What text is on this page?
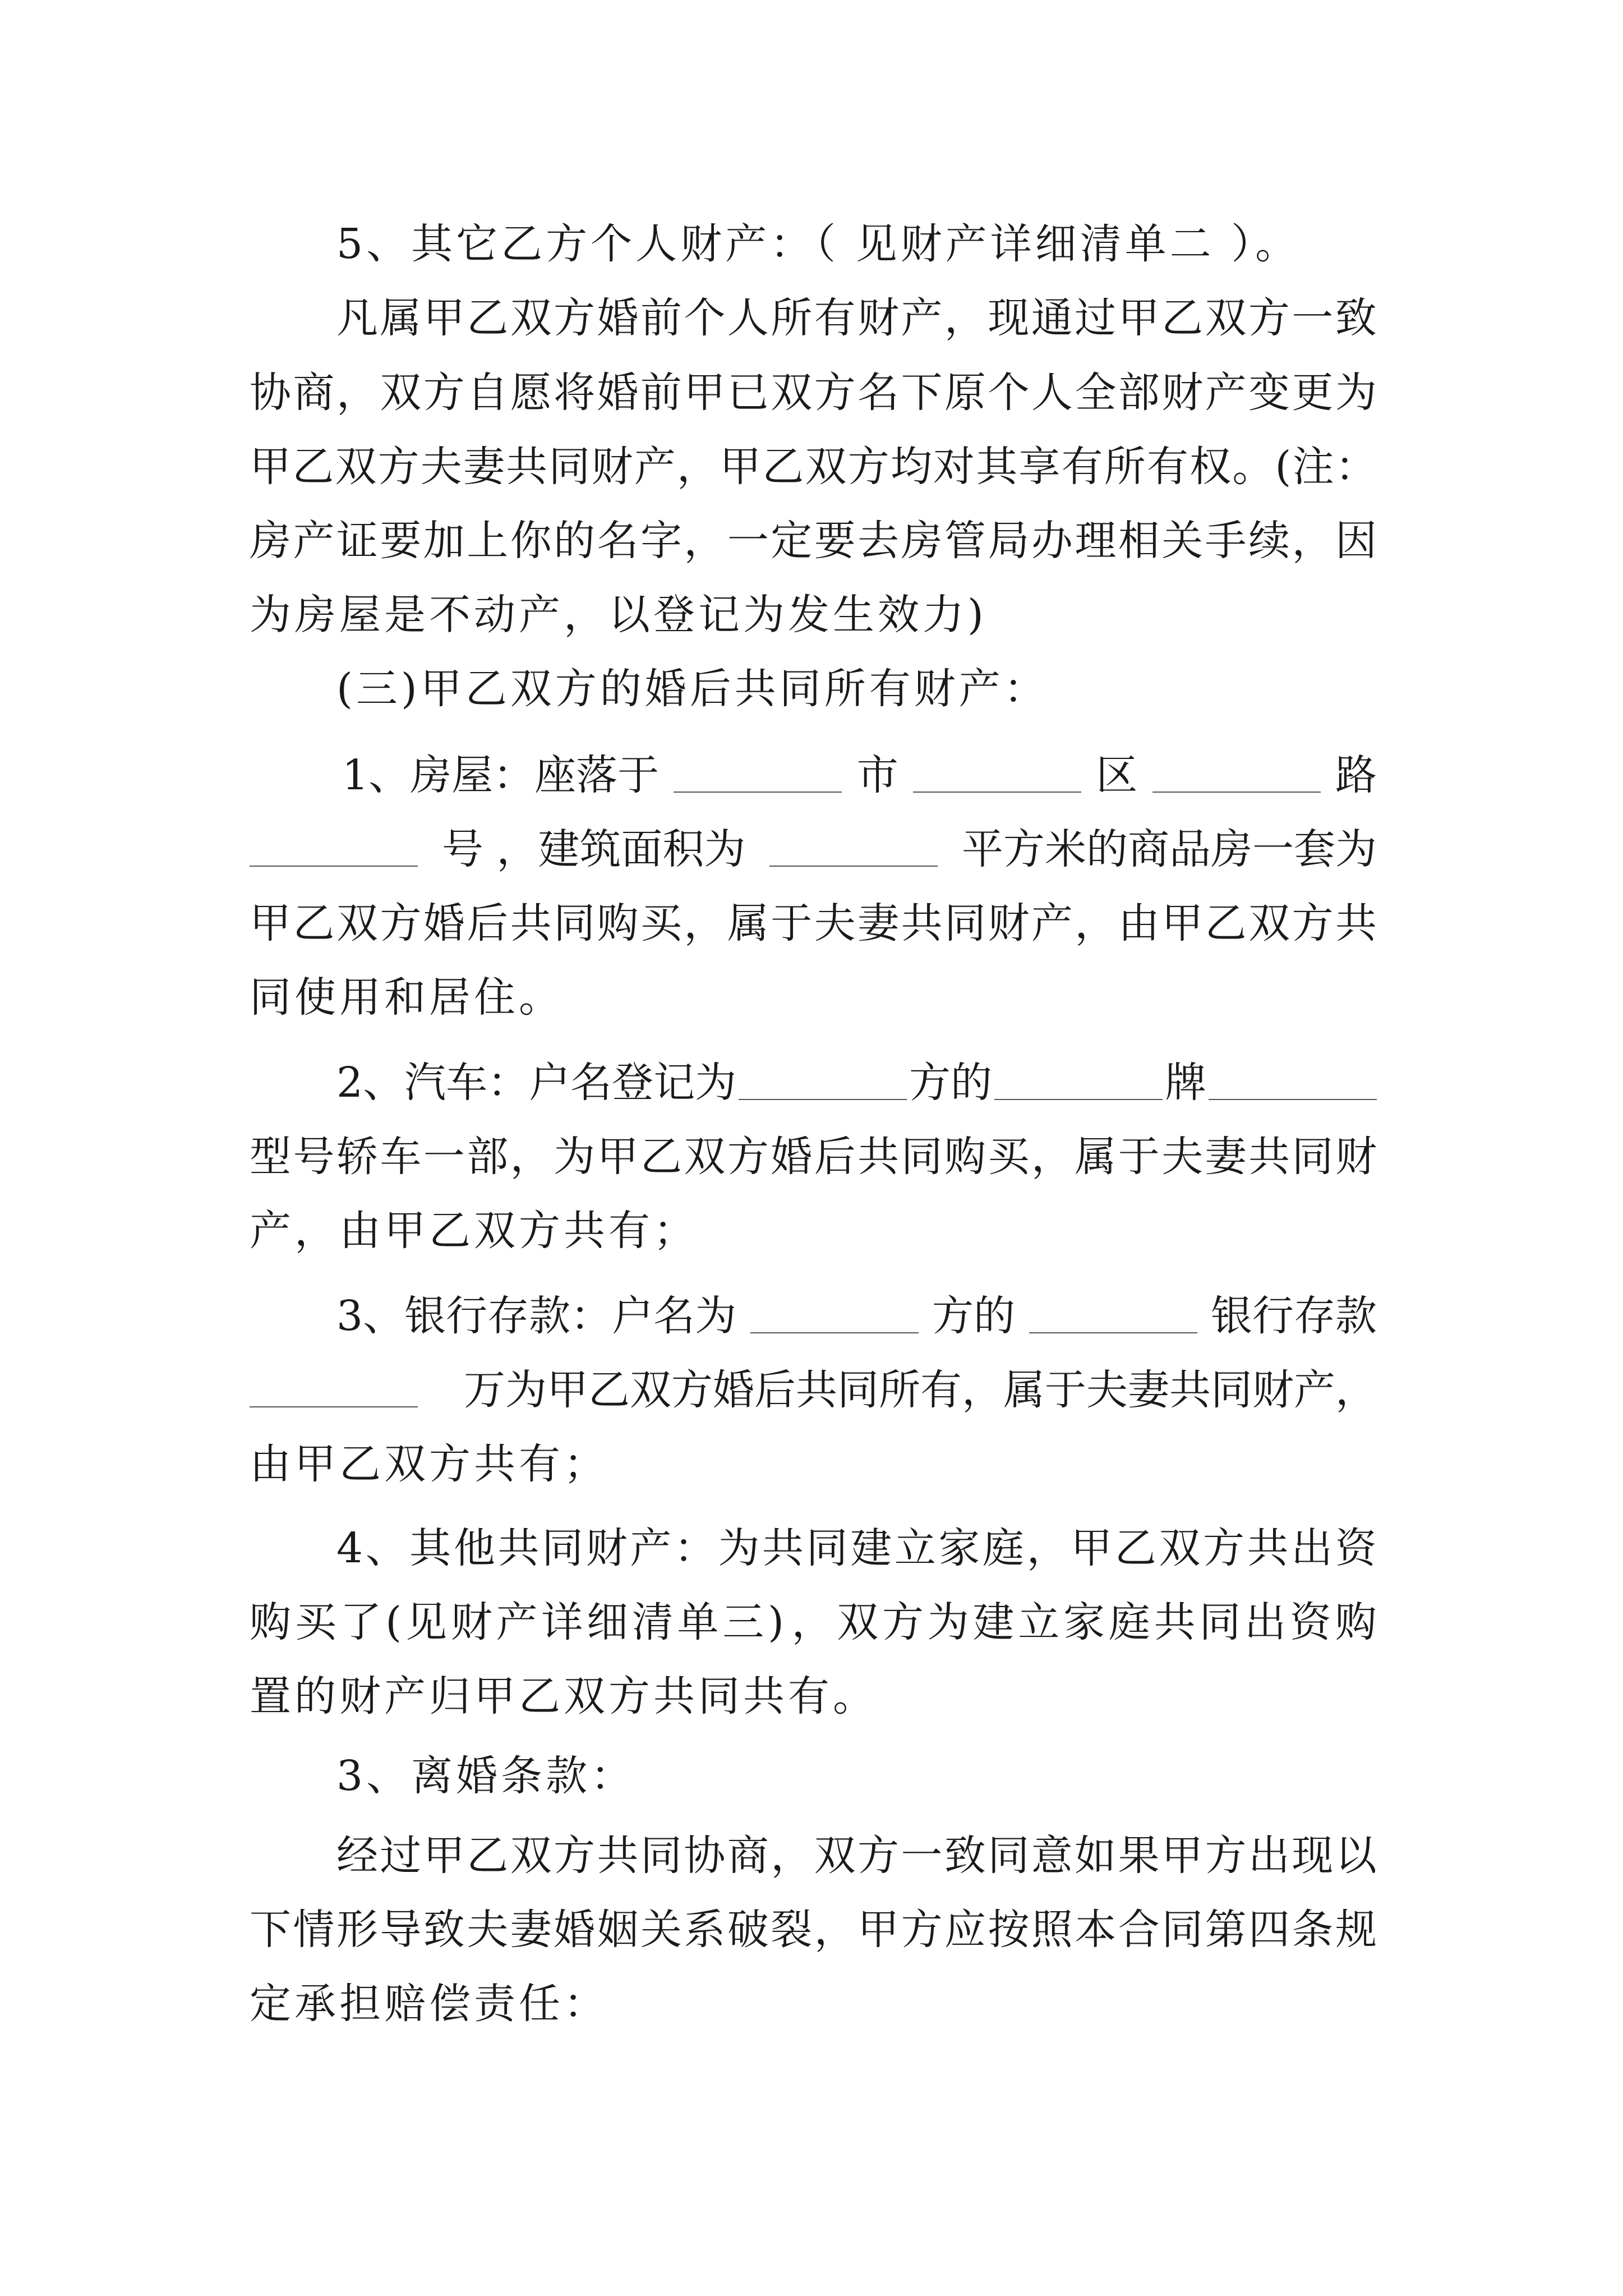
5、其它乙方个人财产：（ 见财产详细清单二 ）。
凡 属 甲 乙 双 方 婚 前 个 人 所 有 财 产 ， 现 通 过 甲 乙 双 方 一 致
协 商 ， 双 方 自 愿 将 婚 前 甲 已 双 方 名 下 原 个 人 全 部 财 产 变 更 为
甲 乙 双 方 夫 妻 共 同 财 产 ， 甲 乙 双 方 均 对 其 享 有 所 有 权 。 ( 注 ：
房 产 证 要 加 上 你 的 名 字 ， 一 定 要 去 房 管 局 办 理 相 关 手 续 ， 因
为房屋是不动产，以登记为发生效力)
(三)甲乙双方的婚后共同所有财产：
1、房屋：座落于	市	区	路
号 ，建筑面积为	平方米的商品房一套为
甲 乙 双 方 婚 后 共 同 购 买 ， 属 于 夫 妻 共 同 财 产 ， 由 甲 乙 双 方 共
同使用和居住。
2、汽车：户名登记为	方的	牌
型 号 轿 车 一 部 ， 为 甲 乙 双 方 婚 后 共 同 购 买 ， 属 于 夫 妻 共 同 财
产，由甲乙双方共有；
3、银行存款：户名为	方的	银行存款
万为甲乙双方婚后共同所有，属于夫妻共同财产，
由甲乙双方共有；
4 、 其 他 共 同 财 产 ： 为 共 同 建 立 家 庭 ， 甲 乙 双 方 共 出 资
购 买 了 ( 见 财 产 详 细 清 单 三 ) ， 双 方 为 建 立 家 庭 共 同 出 资 购
置的财产归甲乙双方共同共有。
3、离婚条款：
经 过 甲 乙 双 方 共 同 协 商 ， 双 方 一 致 同 意 如 果 甲 方 出 现 以
下 情 形 导 致 夫 妻 婚 姻 关 系 破 裂 ， 甲 方 应 按 照 本 合 同 第 四 条 规
定承担赔偿责任：
